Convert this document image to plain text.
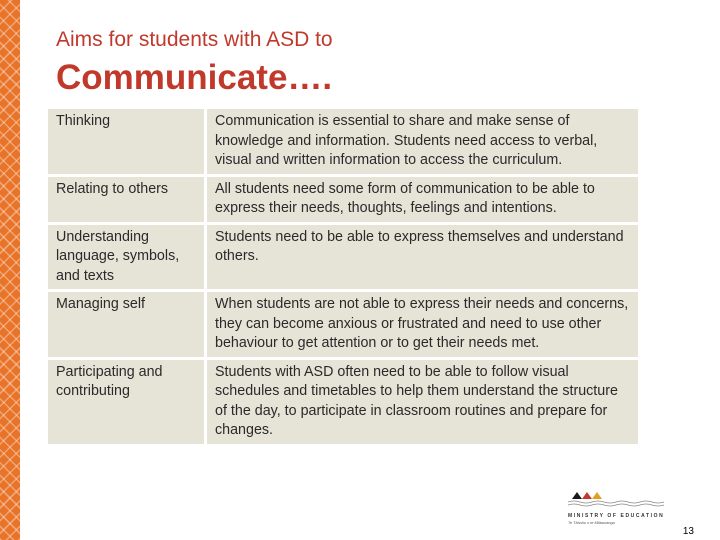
Aims for students with ASD to
Communicate….
Thinking	Communication is essential to share and make sense of knowledge and information. Students need access to verbal, visual and written information to access the curriculum.
Relating to others	All students need some form of communication to be able to express their needs, thoughts, feelings and intentions.
Understanding language, symbols, and texts	Students need to be able to express themselves and understand others.
Managing self	When students are not able to express their needs and concerns, they can become anxious or frustrated and need to use other behaviour to get attention or to get their needs met.
Participating and contributing	Students with ASD often need to be able to follow visual schedules and timetables to help them understand the structure of the day, to participate in classroom routines and prepare for changes.
MINISTRY OF EDUCATION
Te Tāhuhu o te Mātauranga
13
